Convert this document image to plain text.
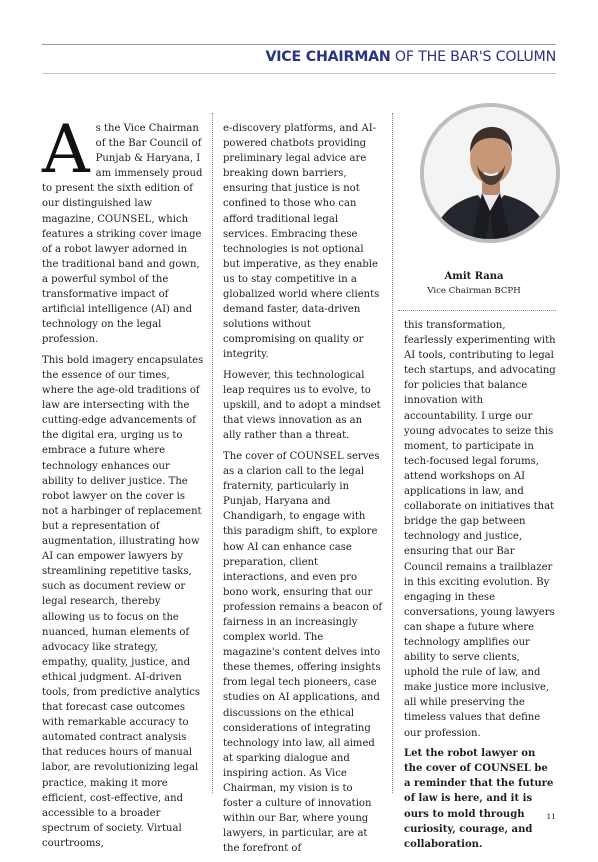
VICE CHAIRMAN OF THE BAR'S COLUMN

As the Vice Chairman of the Bar Council of Punjab & Haryana, I am immensely proud to present the sixth edition of our distinguished law magazine, COUNSEL, which features a striking cover image of a robot lawyer adorned in the traditional band and gown, a powerful symbol of the transformative impact of artificial intelligence (AI) and technology on the legal profession.

This bold imagery encapsulates the essence of our times, where the age-old traditions of law are intersecting with the cutting-edge advancements of the digital era, urging us to embrace a future where technology enhances our ability to deliver justice. The robot lawyer on the cover is not a harbinger of replacement but a representation of augmentation, illustrating how AI can empower lawyers by streamlining repetitive tasks, such as document review or legal research, thereby allowing us to focus on the nuanced, human elements of advocacy like strategy, empathy, quality, justice, and ethical judgment. AI-driven tools, from predictive analytics that forecast case outcomes with remarkable accuracy to automated contract analysis that reduces hours of manual labor, are revolutionizing legal practice, making it more efficient, cost-effective, and accessible to a broader spectrum of society. Virtual courtrooms,

e-discovery platforms, and AI-powered chatbots providing preliminary legal advice are breaking down barriers, ensuring that justice is not confined to those who can afford traditional legal services. Embracing these technologies is not optional but imperative, as they enable us to stay competitive in a globalized world where clients demand faster, data-driven solutions without compromising on quality or integrity.

However, this technological leap requires us to evolve, to upskill, and to adopt a mindset that views innovation as an ally rather than a threat.

The cover of COUNSEL serves as a clarion call to the legal fraternity, particularly in Punjab, Haryana and Chandigarh, to engage with this paradigm shift, to explore how AI can enhance case preparation, client interactions, and even pro bono work, ensuring that our profession remains a beacon of fairness in an increasingly complex world. The magazine's content delves into these themes, offering insights from legal tech pioneers, case studies on AI applications, and discussions on the ethical considerations of integrating technology into law, all aimed at sparking dialogue and inspiring action. As Vice Chairman, my vision is to foster a culture of innovation within our Bar, where young lawyers, in particular, are at the forefront of

Amit Rana
Vice Chairman BCPH

this transformation, fearlessly experimenting with AI tools, contributing to legal tech startups, and advocating for policies that balance innovation with accountability. I urge our young advocates to seize this moment, to participate in tech-focused legal forums, attend workshops on AI applications in law, and collaborate on initiatives that bridge the gap between technology and justice, ensuring that our Bar Council remains a trailblazer in this exciting evolution. By engaging in these conversations, young lawyers can shape a future where technology amplifies our ability to serve clients, uphold the rule of law, and make justice more inclusive, all while preserving the timeless values that define our profession.

Let the robot lawyer on the cover of COUNSEL be a reminder that the future of law is here, and it is ours to mold through curiosity, courage, and collaboration.

11
